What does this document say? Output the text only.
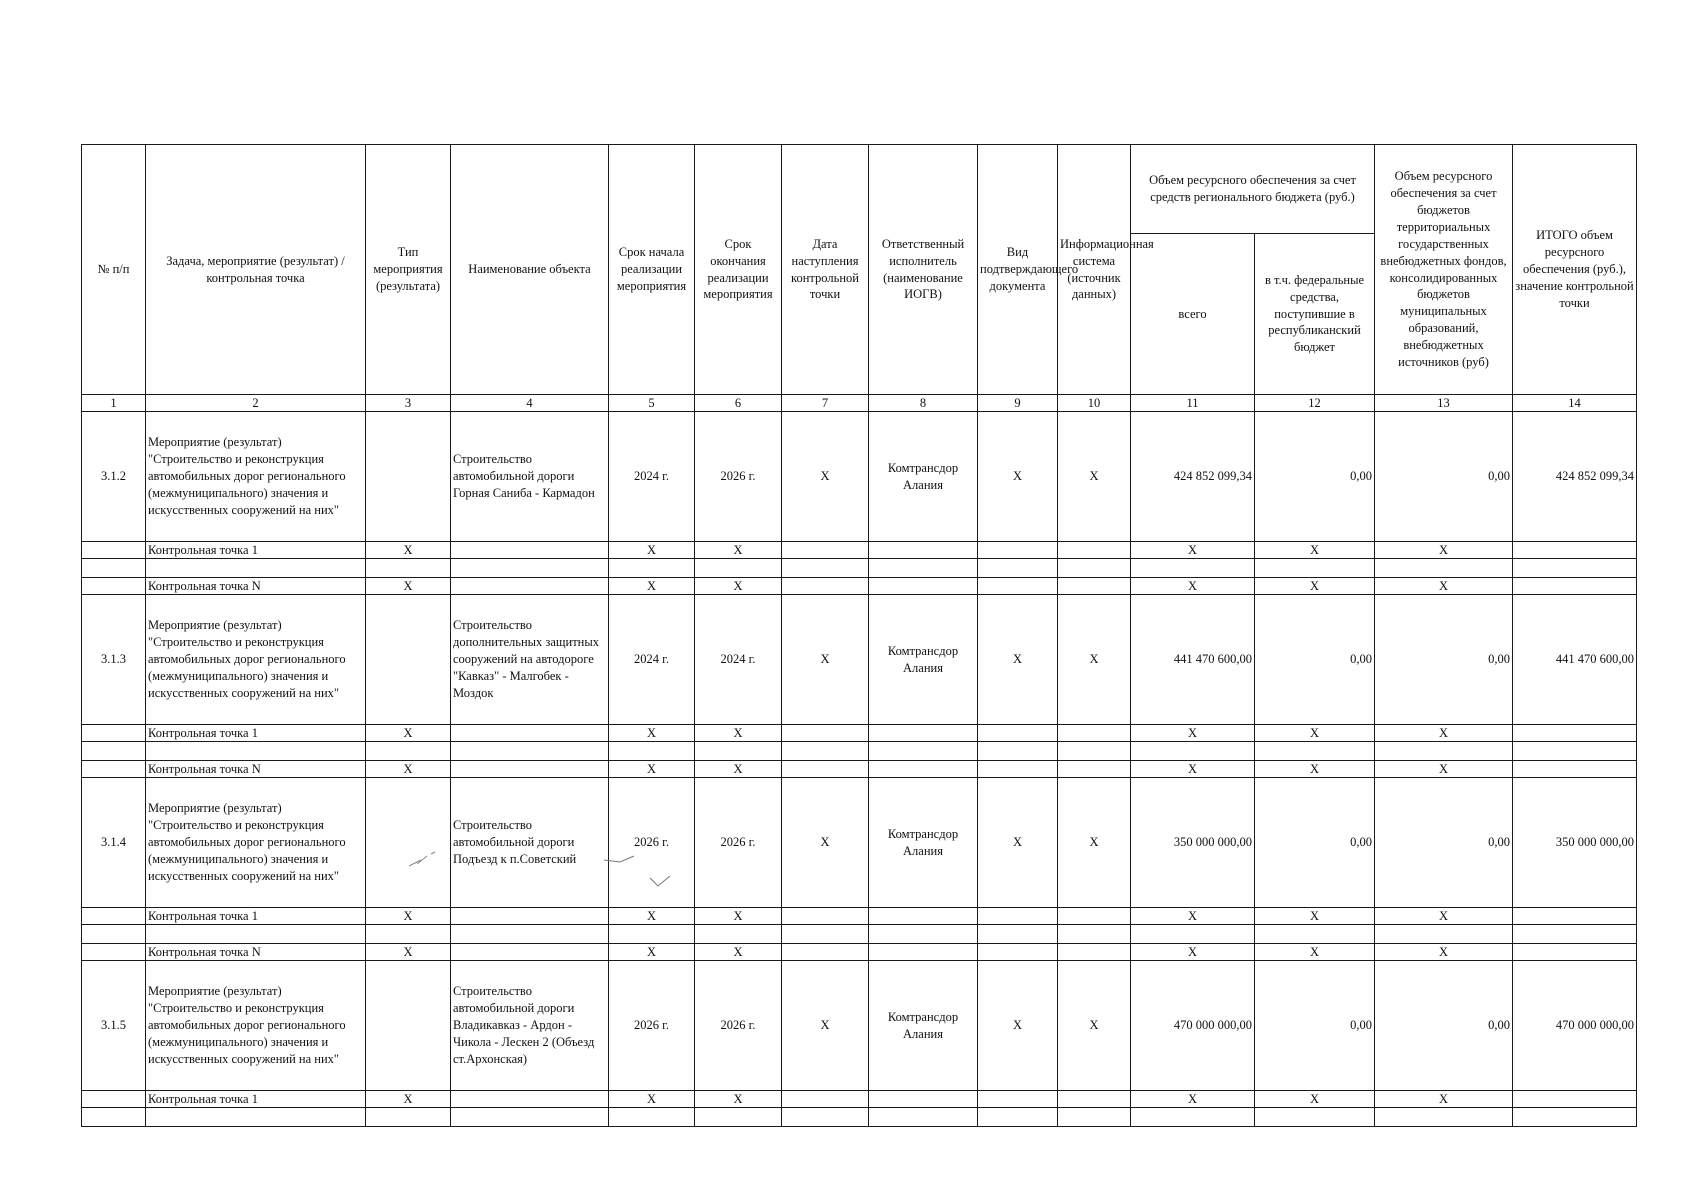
№ п/п	Задача, мероприятие (результат) / контрольная точка	Тип мероприятия (результата)	Наименование объекта	Срок начала реализации мероприятия	Срок окончания реализации мероприятия	Дата наступления контрольной точки	Ответственный исполнитель (наименование ИОГВ)	Вид подтверждающего документа	Информационная система (источник данных)	Объем ресурсного обеспечения за счет средств регионального бюджета (руб.)		Объем ресурсного обеспечения за счет бюджетов территориальных государственных внебюджетных фондов, консолидированных бюджетов муниципальных образований, внебюджетных источников (руб)	ИТОГО объем ресурсного обеспечения (руб.), значение контрольной точки
										всего	в т.ч. федеральные средства, поступившие в республиканский бюджет		
1	2	3	4	5	6	7	8	9	10	11	12	13	14
3.1.2	Мероприятие (результат) "Строительство и реконструкция автомобильных дорог регионального (межмуниципального) значения и искусственных сооружений на них"		Строительство автомобильной дороги Горная Саниба - Кармадон	2024 г.	2026 г.	X	Комтрансдор Алания	X	X	424 852 099,34	0,00	0,00	424 852 099,34
	Контрольная точка 1	X		X	X					X	X	X	

	Контрольная точка N	X		X	X					X	X	X	
3.1.3	Мероприятие (результат) "Строительство и реконструкция автомобильных дорог регионального (межмуниципального) значения и искусственных сооружений на них"		Строительство дополнительных защитных сооружений на автодороге "Кавказ" - Малгобек - Моздок	2024 г.	2024 г.	X	Комтрансдор Алания	X	X	441 470 600,00	0,00	0,00	441 470 600,00
	Контрольная точка 1	X		X	X					X	X	X	

	Контрольная точка N	X		X	X					X	X	X	
3.1.4	Мероприятие (результат) "Строительство и реконструкция автомобильных дорог регионального (межмуниципального) значения и искусственных сооружений на них"		Строительство автомобильной дороги Подъезд к п.Советский	2026 г.	2026 г.	X	Комтрансдор Алания	X	X	350 000 000,00	0,00	0,00	350 000 000,00
	Контрольная точка 1	X		X	X					X	X	X	

	Контрольная точка N	X		X	X					X	X	X	
3.1.5	Мероприятие (результат) "Строительство и реконструкция автомобильных дорог регионального (межмуниципального) значения и искусственных сооружений на них"		Строительство автомобильной дороги Владикавказ - Ардон - Чикола - Лескен 2 (Объезд ст.Архонская)	2026 г.	2026 г.	X	Комтрансдор Алания	X	X	470 000 000,00	0,00	0,00	470 000 000,00
	Контрольная точка 1	X		X	X					X	X	X	
